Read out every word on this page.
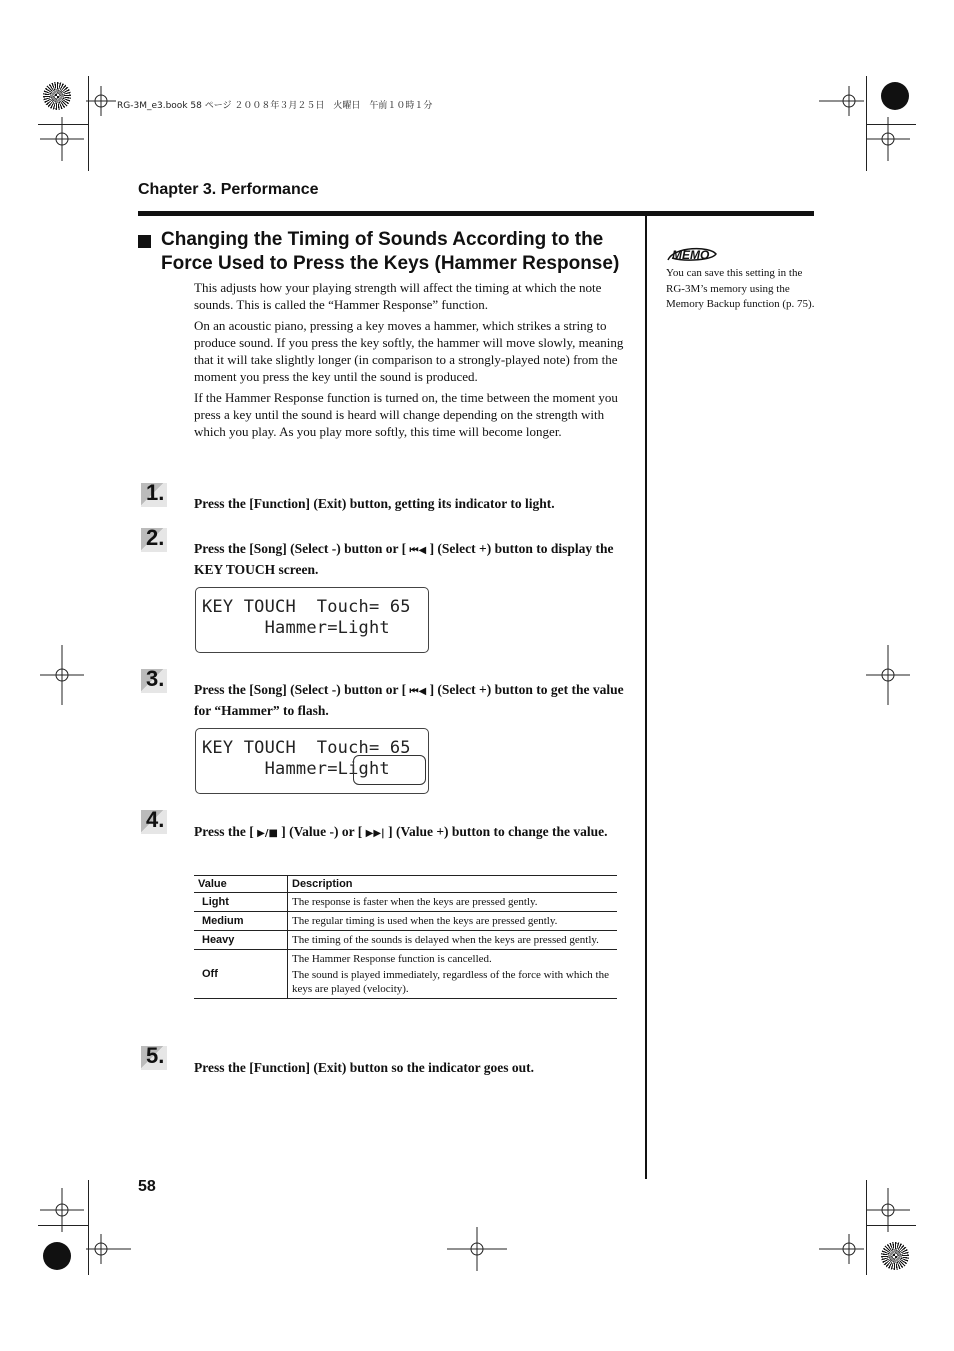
RG-3M_e3.book 58 ページ ２００８年３月２５日　火曜日　午前１０時１分
Chapter 3. Performance
Changing the Timing of Sounds According to the Force Used to Press the Keys (Hammer Response)

This adjusts how your playing strength will affect the timing at which the note sounds. This is called the “Hammer Response” function.

On an acoustic piano, pressing a key moves a hammer, which strikes a string to produce sound. If you press the key softly, the hammer will move slowly, meaning that it will take slightly longer (in comparison to a strongly-played note) from the moment you press the key until the sound is produced.

If the Hammer Response function is turned on, the time between the moment you press a key until the sound is heard will change depending on the strength with which you play. As you play more softly, this time will become longer.

1. Press the [Function] (Exit) button, getting its indicator to light.
2. Press the [Song] (Select -) button or [ ⏮◀ ] (Select +) button to display the KEY TOUCH screen.
KEY TOUCH  Touch= 65
Hammer=Light
3. Press the [Song] (Select -) button or [ ⏮◀ ] (Select +) button to get the value for “Hammer” to flash.
KEY TOUCH  Touch= 65
Hammer=Light
4. Press the [ ▶/■ ] (Value -) or [ ▶▶| ] (Value +) button to change the value.
Value	Description
Light	The response is faster when the keys are pressed gently.
Medium	The regular timing is used when the keys are pressed gently.
Heavy	The timing of the sounds is delayed when the keys are pressed gently.
Off	The Hammer Response function is cancelled.
The sound is played immediately, regardless of the force with which the keys are played (velocity).
5. Press the [Function] (Exit) button so the indicator goes out.
MEMO
You can save this setting in the RG-3M’s memory using the Memory Backup function (p. 75).
58
